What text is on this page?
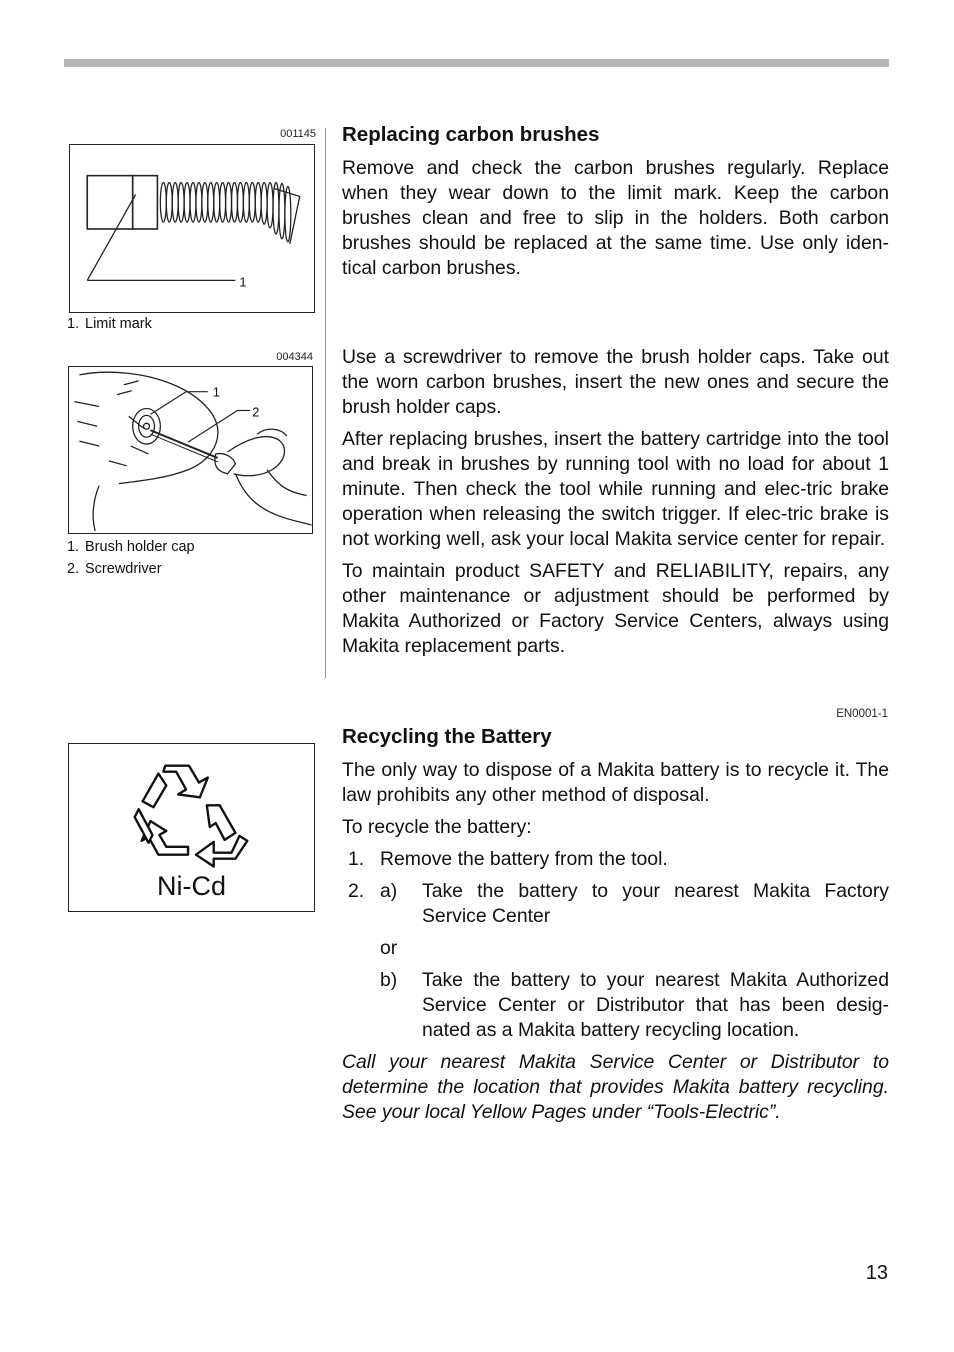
001145
1
1. Limit mark
004344
1
2
1. Brush holder cap
2. Screwdriver
Ni-Cd
Replacing carbon brushes

Remove and check the carbon brushes regularly. Replace when they wear down to the limit mark. Keep the carbon brushes clean and free to slip in the holders. Both carbon brushes should be replaced at the same time. Use only iden-tical carbon brushes.

Use a screwdriver to remove the brush holder caps. Take out the worn carbon brushes, insert the new ones and secure the brush holder caps.

After replacing brushes, insert the battery cartridge into the tool and break in brushes by running tool with no load for about 1 minute. Then check the tool while running and elec-tric brake operation when releasing the switch trigger. If elec-tric brake is not working well, ask your local Makita service center for repair.

To maintain product SAFETY and RELIABILITY, repairs, any other maintenance or adjustment should be performed by Makita Authorized or Factory Service Centers, always using Makita replacement parts.

EN0001-1
Recycling the Battery

The only way to dispose of a Makita battery is to recycle it. The law prohibits any other method of disposal.

To recycle the battery:

1. Remove the battery from the tool.
2. a) Take the battery to your nearest Makita Factory Service Center
or
b) Take the battery to your nearest Makita Authorized Service Center or Distributor that has been desig-nated as a Makita battery recycling location.

Call your nearest Makita Service Center or Distributor to determine the location that provides Makita battery recycling. See your local Yellow Pages under “Tools-Electric”.

13
